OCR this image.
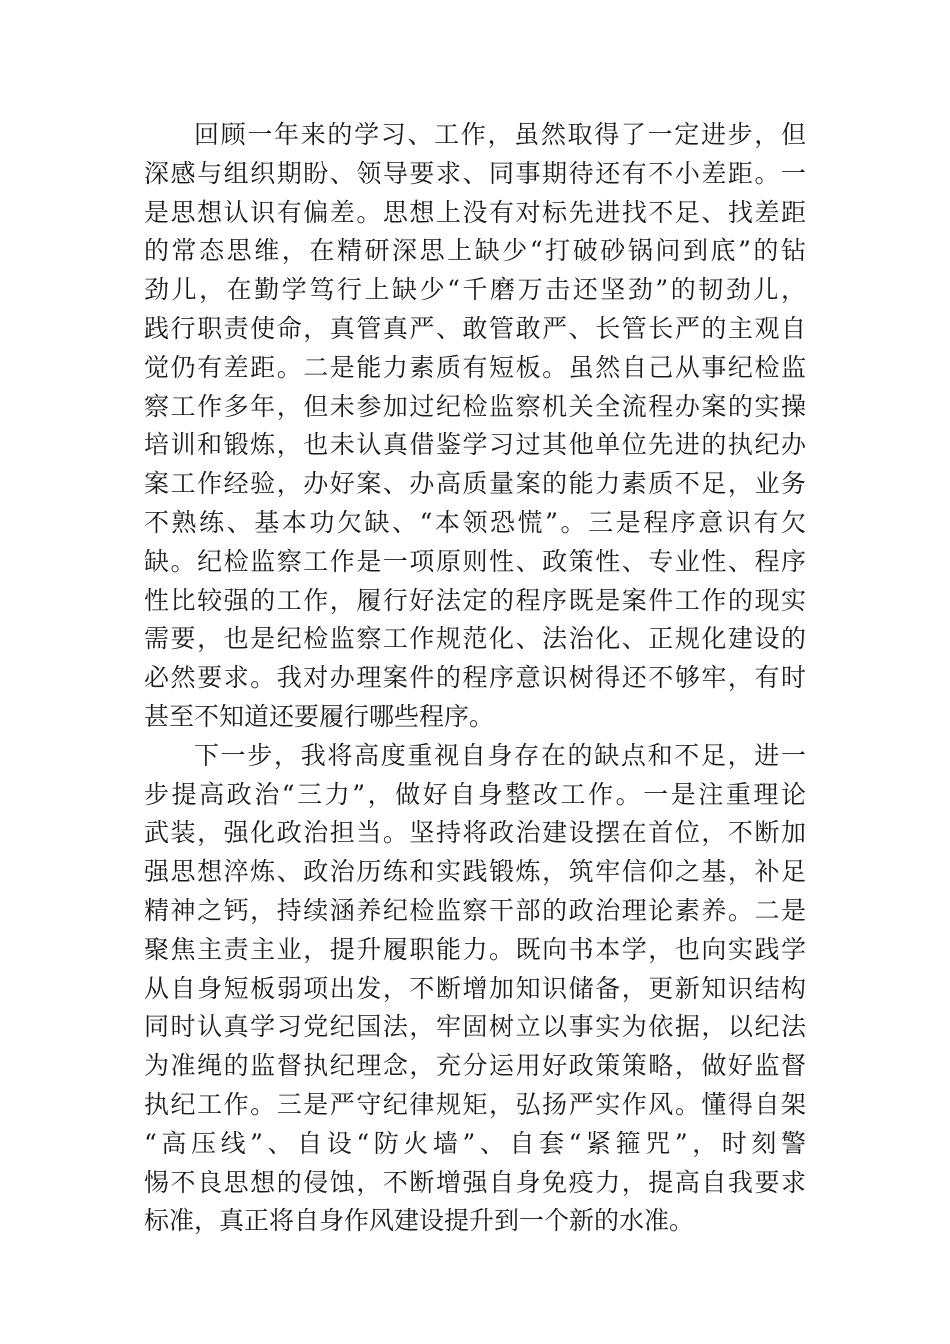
回顾一年来的学习、工作，虽然取得了一定进步，但
深感与组织期盼、领导要求、同事期待还有不小差距。一
是思想认识有偏差。思想上没有对标先进找不足、找差距
的常态思维，在精研深思上缺少“打破砂锅问到底”的钻
劲儿，在勤学笃行上缺少“千磨万击还坚劲”的韧劲儿，
践行职责使命，真管真严、敢管敢严、长管长严的主观自
觉仍有差距。二是能力素质有短板。虽然自己从事纪检监
察工作多年，但未参加过纪检监察机关全流程办案的实操
培训和锻炼，也未认真借鉴学习过其他单位先进的执纪办
案工作经验，办好案、办高质量案的能力素质不足，业务
不熟练、基本功欠缺、“本领恐慌”。三是程序意识有欠
缺。纪检监察工作是一项原则性、政策性、专业性、程序
性比较强的工作，履行好法定的程序既是案件工作的现实
需要，也是纪检监察工作规范化、法治化、正规化建设的
必然要求。我对办理案件的程序意识树得还不够牢，有时
甚至不知道还要履行哪些程序。
下一步，我将高度重视自身存在的缺点和不足，进一
步提高政治“三力”，做好自身整改工作。一是注重理论
武装，强化政治担当。坚持将政治建设摆在首位，不断加
强思想淬炼、政治历练和实践锻炼，筑牢信仰之基，补足
精神之钙，持续涵养纪检监察干部的政治理论素养。二是
聚焦主责主业，提升履职能力。既向书本学，也向实践学
从自身短板弱项出发，不断增加知识储备，更新知识结构
同时认真学习党纪国法，牢固树立以事实为依据，以纪法
为准绳的监督执纪理念，充分运用好政策策略，做好监督
执纪工作。三是严守纪律规矩，弘扬严实作风。懂得自架
“高压线”、自设“防火墙”、自套“紧箍咒”，时刻警
惕不良思想的侵蚀，不断增强自身免疫力，提高自我要求
标准，真正将自身作风建设提升到一个新的水准。
